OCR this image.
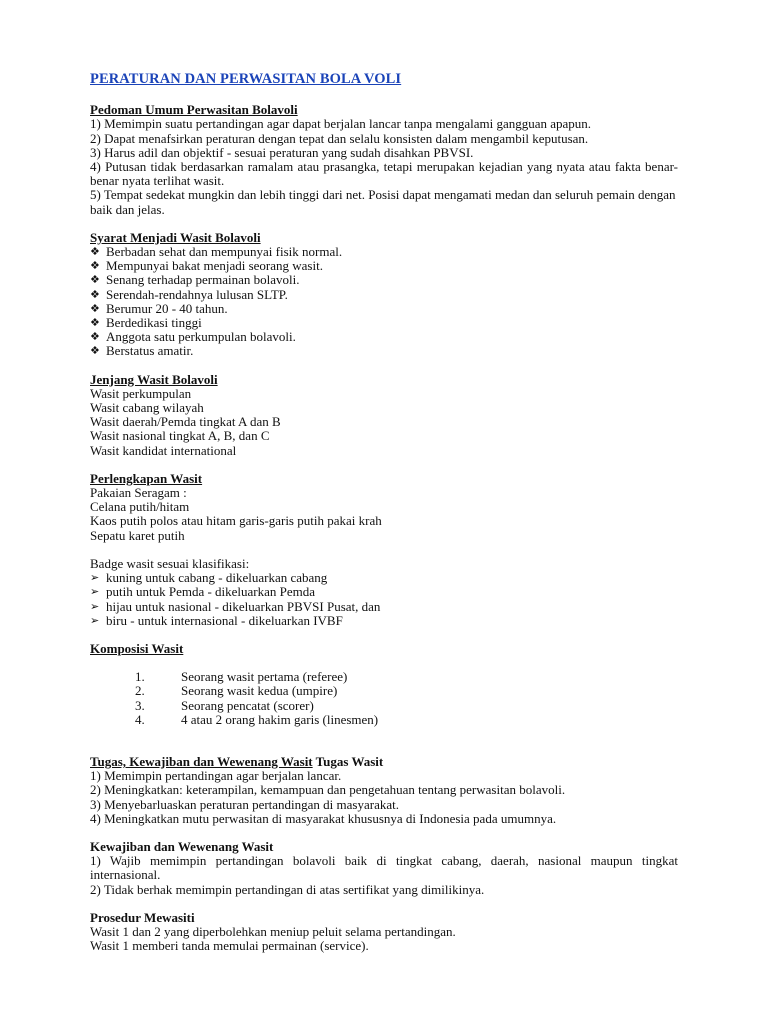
PERATURAN DAN PERWASITAN BOLA VOLI
Pedoman Umum Perwasitan Bolavoli
1) Memimpin suatu pertandingan agar dapat berjalan lancar tanpa mengalami gangguan apapun.
2) Dapat menafsirkan peraturan dengan tepat dan selalu konsisten dalam mengambil keputusan.
3) Harus adil dan objektif - sesuai peraturan yang sudah disahkan PBVSI.
4) Putusan tidak berdasarkan ramalam atau prasangka, tetapi merupakan kejadian yang nyata atau fakta benar-benar nyata terlihat wasit.
5) Tempat sedekat mungkin dan lebih tinggi dari net. Posisi dapat mengamati medan dan seluruh pemain dengan baik dan jelas.
Syarat Menjadi Wasit Bolavoli
❖ Berbadan sehat dan mempunyai fisik normal.
❖ Mempunyai bakat menjadi seorang wasit.
❖ Senang terhadap permainan bolavoli.
❖ Serendah-rendahnya lulusan SLTP.
❖ Berumur 20 - 40 tahun.
❖ Berdedikasi tinggi
❖ Anggota satu perkumpulan bolavoli.
❖ Berstatus amatir.
Jenjang Wasit Bolavoli
Wasit perkumpulan
Wasit cabang wilayah
Wasit daerah/Pemda tingkat A dan B
Wasit nasional tingkat A, B, dan C
Wasit kandidat international
Perlengkapan Wasit
Pakaian Seragam :
Celana putih/hitam
Kaos putih polos atau hitam garis-garis putih pakai krah
Sepatu karet putih
Badge wasit sesuai klasifikasi:
➢ kuning untuk cabang - dikeluarkan cabang
➢ putih untuk Pemda - dikeluarkan Pemda
➢ hijau untuk nasional - dikeluarkan PBVSI Pusat, dan
➢ biru - untuk internasional - dikeluarkan IVBF
Komposisi Wasit
1.	Seorang wasit pertama (referee)
2.	Seorang wasit kedua (umpire)
3.	Seorang pencatat (scorer)
4.	4 atau 2 orang hakim garis (linesmen)
Tugas, Kewajiban dan Wewenang Wasit Tugas Wasit
1) Memimpin pertandingan agar berjalan lancar.
2) Meningkatkan: keterampilan, kemampuan dan pengetahuan tentang perwasitan bolavoli.
3) Menyebarluaskan peraturan pertandingan di masyarakat.
4) Meningkatkan mutu perwasitan di masyarakat khususnya di Indonesia pada umumnya.
Kewajiban dan Wewenang Wasit
1) Wajib memimpin pertandingan bolavoli baik di tingkat cabang, daerah, nasional maupun tingkat internasional.
2) Tidak berhak memimpin pertandingan di atas sertifikat yang dimilikinya.
Prosedur Mewasiti
Wasit 1 dan 2 yang diperbolehkan meniup peluit selama pertandingan.
Wasit 1 memberi tanda memulai permainan (service).
